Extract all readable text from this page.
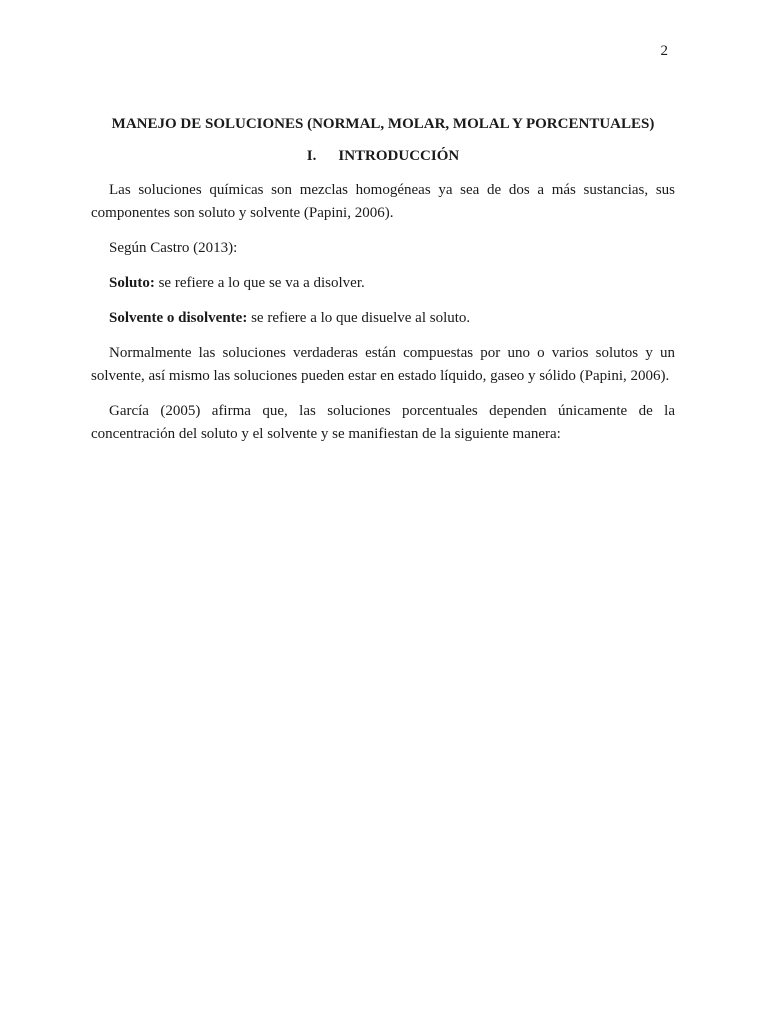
2
MANEJO DE SOLUCIONES (NORMAL, MOLAR, MOLAL Y PORCENTUALES)
I. INTRODUCCIÓN

Las soluciones químicas son mezclas homogéneas ya sea de dos a más sustancias, sus componentes son soluto y solvente (Papini, 2006).

Según Castro (2013):

Soluto: se refiere a lo que se va a disolver.

Solvente o disolvente: se refiere a lo que disuelve al soluto.

Normalmente las soluciones verdaderas están compuestas por uno o varios solutos y un solvente, así mismo las soluciones pueden estar en estado líquido, gaseo y sólido (Papini, 2006).

García (2005) afirma que, las soluciones porcentuales dependen únicamente de la concentración del soluto y el solvente y se manifiestan de la siguiente manera:
